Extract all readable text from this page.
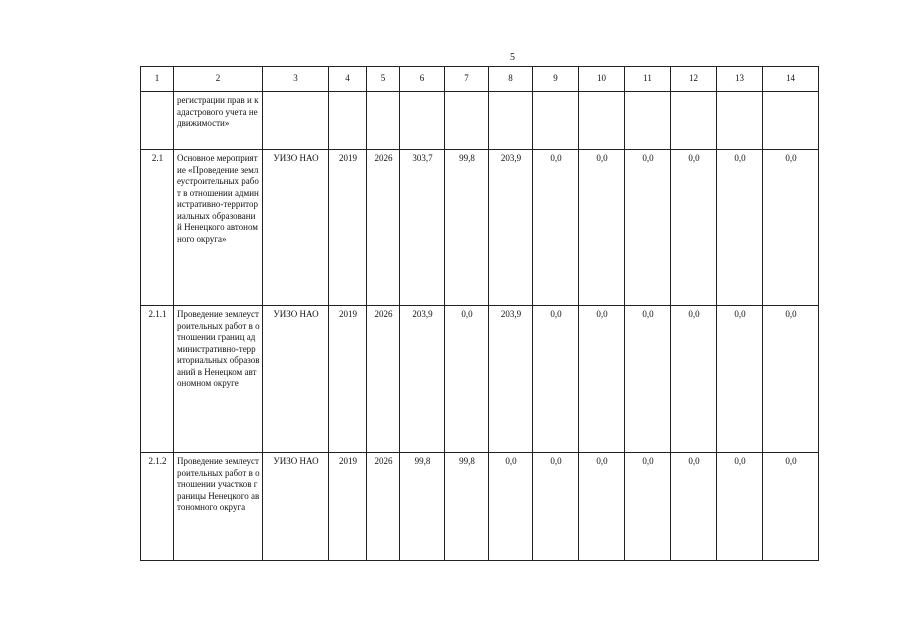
5
1	2	3	4	5	6	7	8	9	10	11	12	13	14
	регистрации прав и кадастрового учета недвижимости»												
2.1	Основное мероприятие «Проведение землеустроительных работ в отношении административно-территориальных образований Ненецкого автономного округа»	УИЗО НАО	2019	2026	303,7	99,8	203,9	0,0	0,0	0,0	0,0	0,0	0,0
2.1.1	Проведение землеустроительных работ в отношении границ административно-территориальных образований в Ненецком автономном округе	УИЗО НАО	2019	2026	203,9	0,0	203,9	0,0	0,0	0,0	0,0	0,0	0,0
2.1.2	Проведение землеустроительных работ в отношении участков границы Ненецкого автономного округа	УИЗО НАО	2019	2026	99,8	99,8	0,0	0,0	0,0	0,0	0,0	0,0	0,0
